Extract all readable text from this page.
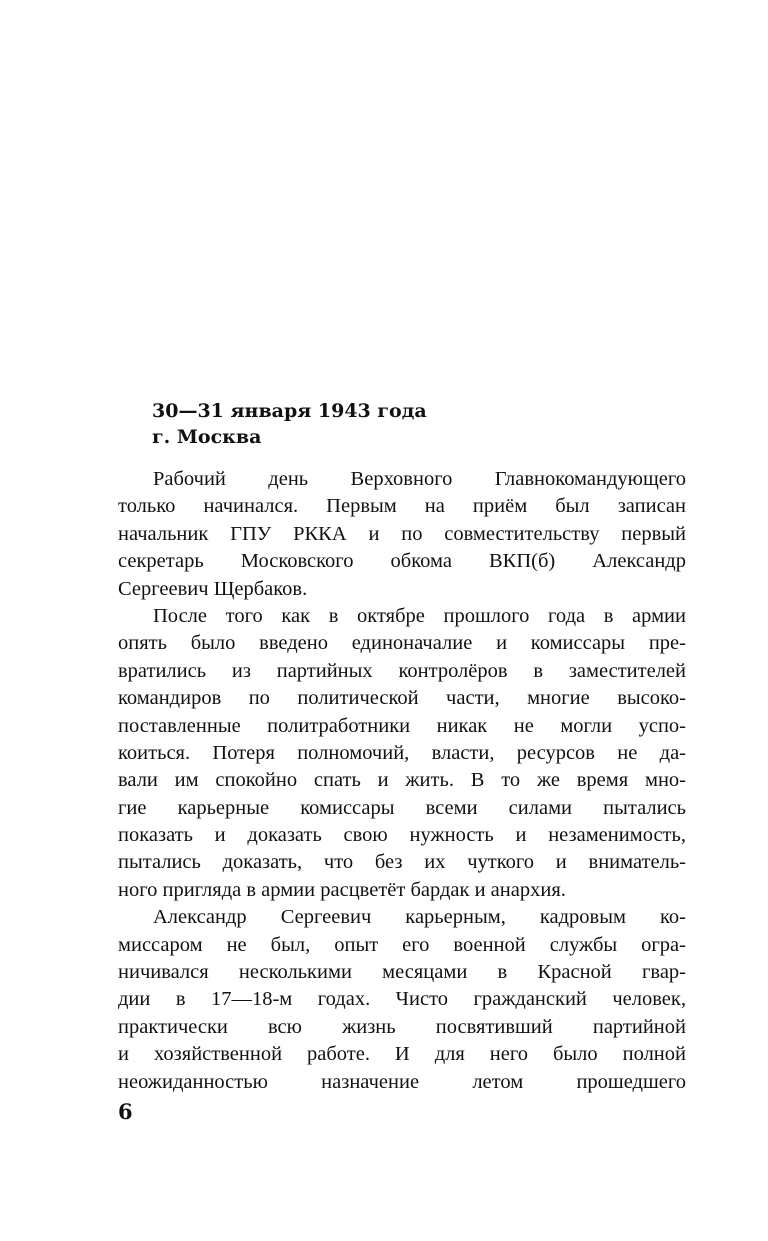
30—31 января 1943 года
г. Москва
Рабочий день Верховного Главнокомандующего
только начинался. Первым на приём был записан
начальник ГПУ РККА и по совместительству первый
секретарь Московского обкома ВКП(б) Александр
Сергеевич Щербаков.
После того как в октябре прошлого года в армии
опять было введено единоначалие и комиссары пре-
вратились из партийных контролёров в заместителей
командиров по политической части, многие высоко-
поставленные политработники никак не могли успо-
коиться. Потеря полномочий, власти, ресурсов не да-
вали им спокойно спать и жить. В то же время мно-
гие карьерные комиссары всеми силами пытались
показать и доказать свою нужность и незаменимость,
пытались доказать, что без их чуткого и вниматель-
ного пригляда в армии расцветёт бардак и анархия.
Александр Сергеевич карьерным, кадровым ко-
миссаром не был, опыт его военной службы огра-
ничивался несколькими месяцами в Красной гвар-
дии в 17—18-м годах. Чисто гражданский человек,
практически всю жизнь посвятивший партийной
и хозяйственной работе. И для него было полной
неожиданностью назначение летом прошедшего
6
